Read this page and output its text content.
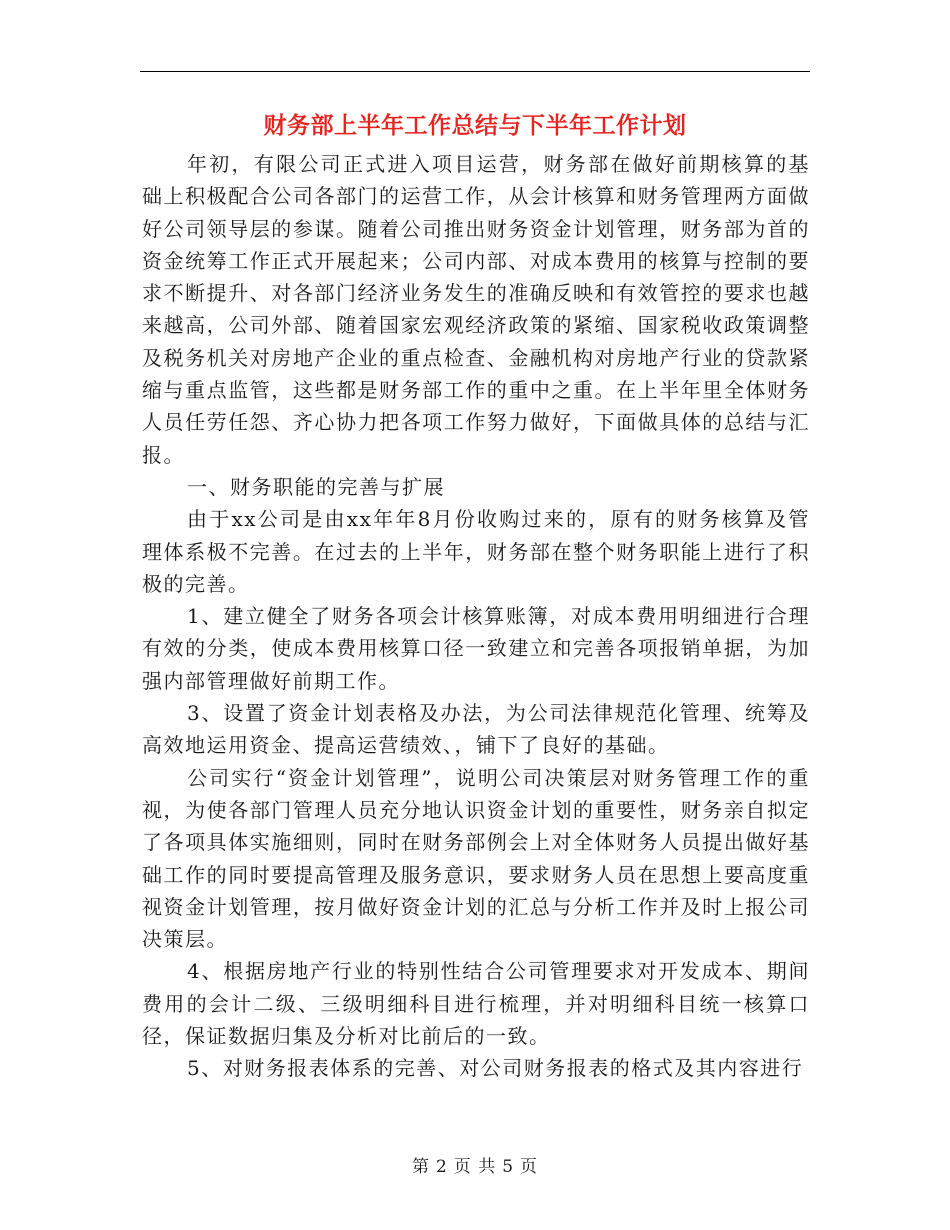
财务部上半年工作总结与下半年工作计划

年初，有限公司正式进入项目运营，财务部在做好前期核算的基础上积极配合公司各部门的运营工作，从会计核算和财务管理两方面做好公司领导层的参谋。随着公司推出财务资金计划管理，财务部为首的资金统筹工作正式开展起来；公司内部、对成本费用的核算与控制的要求不断提升、对各部门经济业务发生的准确反映和有效管控的要求也越来越高，公司外部、随着国家宏观经济政策的紧缩、国家税收政策调整及税务机关对房地产企业的重点检查、金融机构对房地产行业的贷款紧缩与重点监管，这些都是财务部工作的重中之重。在上半年里全体财务人员任劳任怨、齐心协力把各项工作努力做好，下面做具体的总结与汇报。

一、财务职能的完善与扩展

由于xx公司是由xx年年8月份收购过来的，原有的财务核算及管理体系极不完善。在过去的上半年，财务部在整个财务职能上进行了积极的完善。

1、建立健全了财务各项会计核算账簿，对成本费用明细进行合理有效的分类，使成本费用核算口径一致建立和完善各项报销单据，为加强内部管理做好前期工作。

3、设置了资金计划表格及办法，为公司法律规范化管理、统筹及高效地运用资金、提高运营绩效、，铺下了良好的基础。

公司实行“资金计划管理”，说明公司决策层对财务管理工作的重视，为使各部门管理人员充分地认识资金计划的重要性，财务亲自拟定了各项具体实施细则，同时在财务部例会上对全体财务人员提出做好基础工作的同时要提高管理及服务意识，要求财务人员在思想上要高度重视资金计划管理，按月做好资金计划的汇总与分析工作并及时上报公司决策层。

4、根据房地产行业的特别性结合公司管理要求对开发成本、期间费用的会计二级、三级明细科目进行梳理，并对明细科目统一核算口径，保证数据归集及分析对比前后的一致。

5、对财务报表体系的完善、对公司财务报表的格式及其内容进行

第 2 页 共 5 页
